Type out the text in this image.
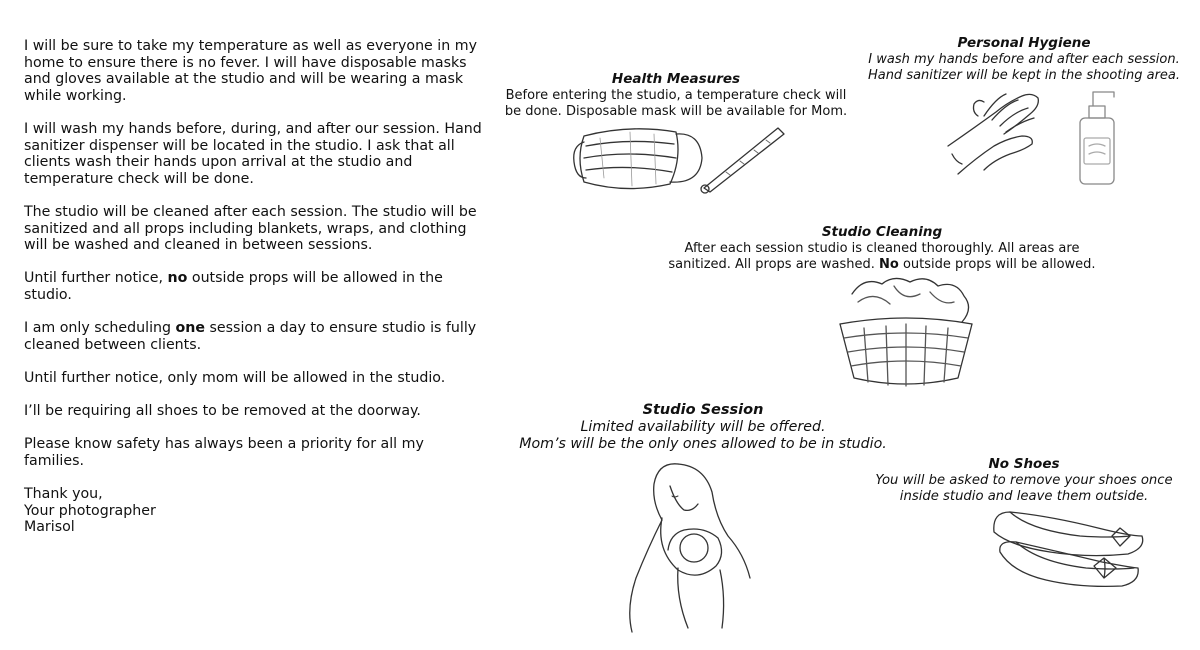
I will be sure to take my temperature as well as everyone in my home to ensure there is no fever. I will have disposable masks and gloves available at the studio and will be wearing a mask while working.

I will wash my hands before, during, and after our session. Hand sanitizer dispenser will be located in the studio. I ask that all clients wash their hands upon arrival at the studio and temperature check will be done.

The studio will be cleaned after each session. The studio will be sanitized and all props including blankets, wraps, and clothing will be washed and cleaned in between sessions.

Until further notice, no outside props will be allowed in the studio.

I am only scheduling one session a day to ensure studio is fully cleaned between clients.

Until further notice, only mom will be allowed in the studio.

I’ll be requiring all shoes to be removed at the doorway.

Please know safety has always been a priority for all my families.

Thank you,
Your photographer
Marisol

Health Measures
Before entering the studio, a temperature check will be done. Disposable mask will be available for Mom.
Personal Hygiene
I wash my hands before and after each session. Hand sanitizer will be kept in the shooting area.
Studio Cleaning
After each session studio is cleaned thoroughly. All areas are sanitized. All props are washed. No outside props will be allowed.
Studio Session
Limited availability will be offered.
Mom’s will be the only ones allowed to be in studio.
No Shoes
You will be asked to remove your shoes once inside studio and leave them outside.
